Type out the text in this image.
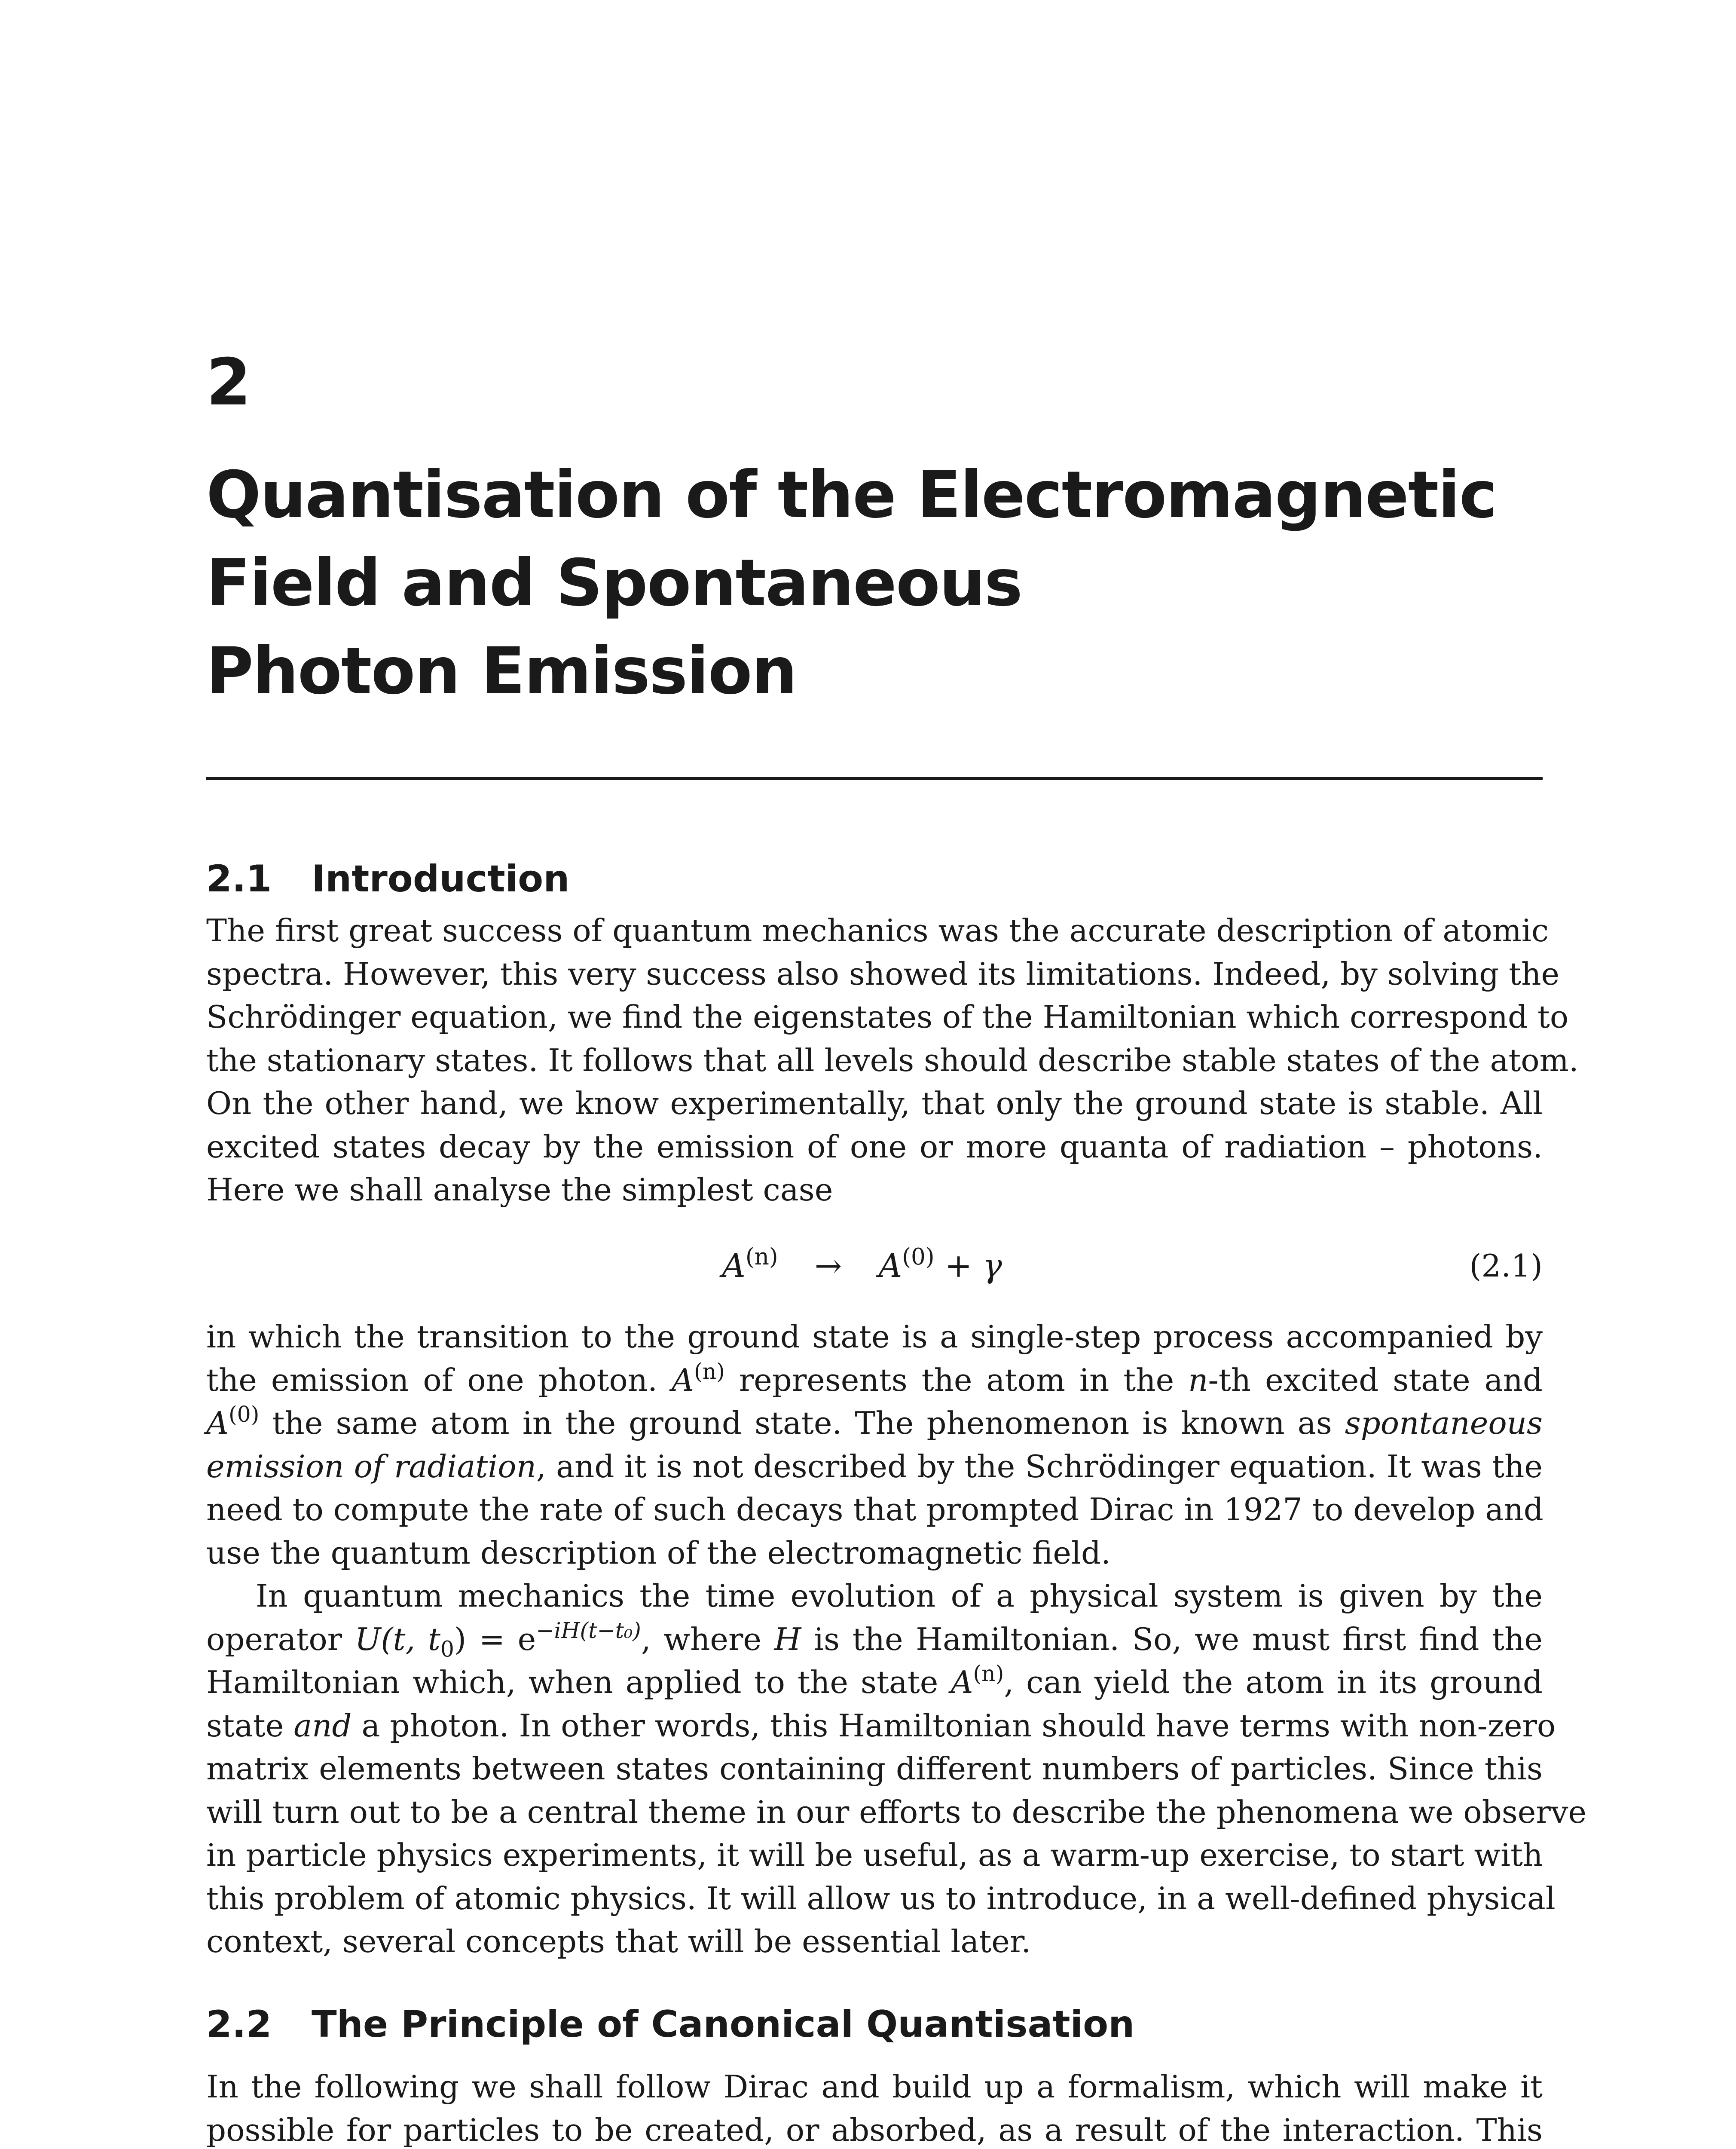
2
Quantisation of the Electromagnetic
Field and Spontaneous
Photon Emission
2.1 Introduction
The first great success of quantum mechanics was the accurate description of atomic
spectra. However, this very success also showed its limitations. Indeed, by solving the
Schrödinger equation, we find the eigenstates of the Hamiltonian which correspond to
the stationary states. It follows that all levels should describe stable states of the atom.
On the other hand, we know experimentally, that only the ground state is stable. All
excited states decay by the emission of one or more quanta of radiation – photons.
Here we shall analyse the simplest case
$A^{(n)} \to A^{(0)} + \gamma$	(2.1)
in which the transition to the ground state is a single-step process accompanied by
the emission of one photon. $A^{(n)}$ represents the atom in the n-th excited state and
$A^{(0)}$ the same atom in the ground state. The phenomenon is known as spontaneous
emission of radiation, and it is not described by the Schrödinger equation. It was the
need to compute the rate of such decays that prompted Dirac in 1927 to develop and
use the quantum description of the electromagnetic field.
In quantum mechanics the time evolution of a physical system is given by the
operator U(t, $t_0) = e^{-iH(t-t_0)}$, where H is the Hamiltonian. So, we must first find the
Hamiltonian which, when applied to the state $A^{(n)}$, can yield the atom in its ground
state and a photon. In other words, this Hamiltonian should have terms with non-zero
matrix elements between states containing different numbers of particles. Since this
will turn out to be a central theme in our efforts to describe the phenomena we observe
in particle physics experiments, it will be useful, as a warm-up exercise, to start with
this problem of atomic physics. It will allow us to introduce, in a well-defined physical
context, several concepts that will be essential later.
2.2 The Principle of Canonical Quantisation
In the following we shall follow Dirac and build up a formalism, which will make it
possible for particles to be created, or absorbed, as a result of the interaction. This
